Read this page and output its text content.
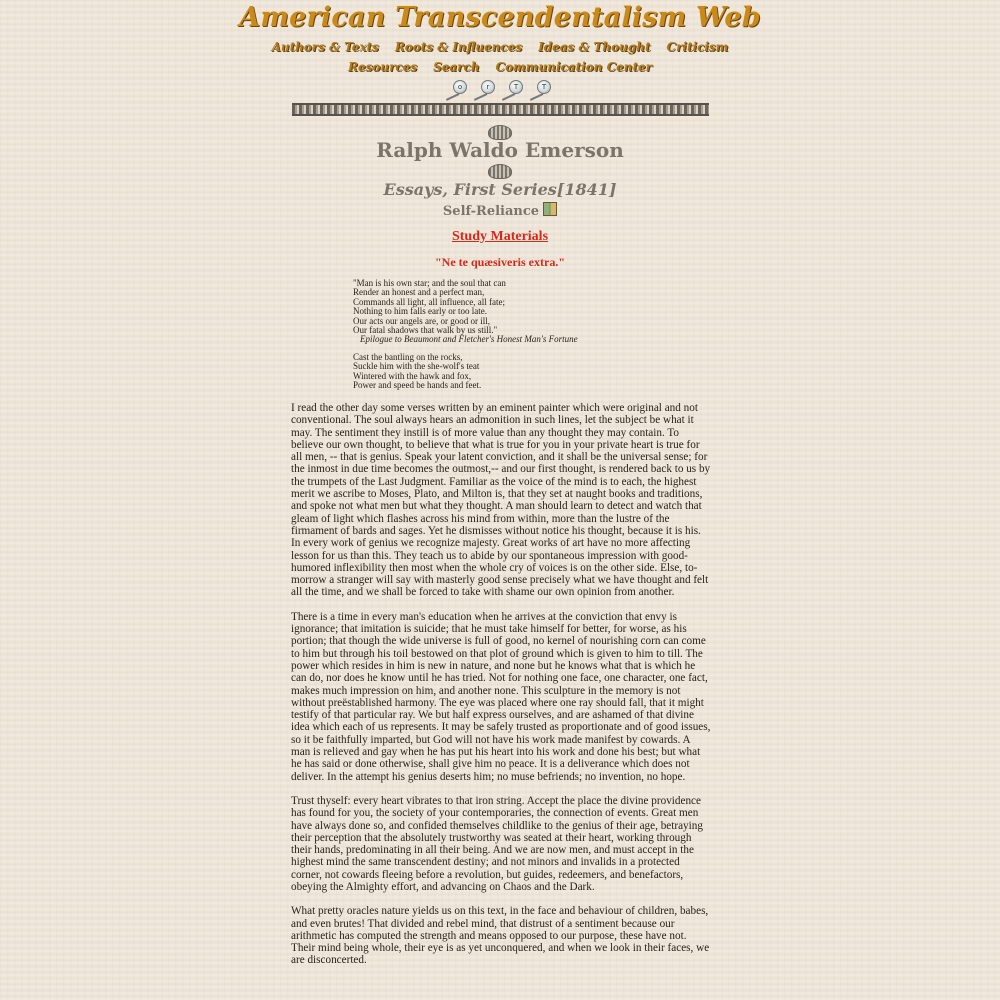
American Transcendentalism Web
Authors & Texts Roots & Influences Ideas & Thought Criticism
Resources Search Communication Center
o	r	T	T
Ralph Waldo Emerson
Essays, First Series[1841]
Self-Reliance
Study Materials
"Ne te quæsiveris extra."
"Man is his own star; and the soul that can
Render an honest and a perfect man,
Commands all light, all influence, all fate;
Nothing to him falls early or too late.
Our acts our angels are, or good or ill,
Our fatal shadows that walk by us still."
Epilogue to Beaumont and Fletcher's Honest Man's Fortune
Cast the bantling on the rocks,
Suckle him with the she-wolf's teat
Wintered with the hawk and fox,
Power and speed be hands and feet.

I read the other day some verses written by an eminent painter which were original and not conventional. The soul always hears an admonition in such lines, let the subject be what it may. The sentiment they instill is of more value than any thought they may contain. To believe our own thought, to believe that what is true for you in your private heart is true for all men, -- that is genius. Speak your latent conviction, and it shall be the universal sense; for the inmost in due time becomes the outmost,-- and our first thought, is rendered back to us by the trumpets of the Last Judgment. Familiar as the voice of the mind is to each, the highest merit we ascribe to Moses, Plato, and Milton is, that they set at naught books and traditions, and spoke not what men but what they thought. A man should learn to detect and watch that gleam of light which flashes across his mind from within, more than the lustre of the firmament of bards and sages. Yet he dismisses without notice his thought, because it is his. In every work of genius we recognize majesty. Great works of art have no more affecting lesson for us than this. They teach us to abide by our spontaneous impression with good-humored inflexibility then most when the whole cry of voices is on the other side. Else, to-morrow a stranger will say with masterly good sense precisely what we have thought and felt all the time, and we shall be forced to take with shame our own opinion from another.

There is a time in every man's education when he arrives at the conviction that envy is ignorance; that imitation is suicide; that he must take himself for better, for worse, as his portion; that though the wide universe is full of good, no kernel of nourishing corn can come to him but through his toil bestowed on that plot of ground which is given to him to till. The power which resides in him is new in nature, and none but he knows what that is which he can do, nor does he know until he has tried. Not for nothing one face, one character, one fact, makes much impression on him, and another none. This sculpture in the memory is not without preëstablished harmony. The eye was placed where one ray should fall, that it might testify of that particular ray. We but half express ourselves, and are ashamed of that divine idea which each of us represents. It may be safely trusted as proportionate and of good issues, so it be faithfully imparted, but God will not have his work made manifest by cowards. A man is relieved and gay when he has put his heart into his work and done his best; but what he has said or done otherwise, shall give him no peace. It is a deliverance which does not deliver. In the attempt his genius deserts him; no muse befriends; no invention, no hope.

Trust thyself: every heart vibrates to that iron string. Accept the place the divine providence has found for you, the society of your contemporaries, the connection of events. Great men have always done so, and confided themselves childlike to the genius of their age, betraying their perception that the absolutely trustworthy was seated at their heart, working through their hands, predominating in all their being. And we are now men, and must accept in the highest mind the same transcendent destiny; and not minors and invalids in a protected corner, not cowards fleeing before a revolution, but guides, redeemers, and benefactors, obeying the Almighty effort, and advancing on Chaos and the Dark.

What pretty oracles nature yields us on this text, in the face and behaviour of children, babes, and even brutes! That divided and rebel mind, that distrust of a sentiment because our arithmetic has computed the strength and means opposed to our purpose, these have not. Their mind being whole, their eye is as yet unconquered, and when we look in their faces, we are disconcerted.
